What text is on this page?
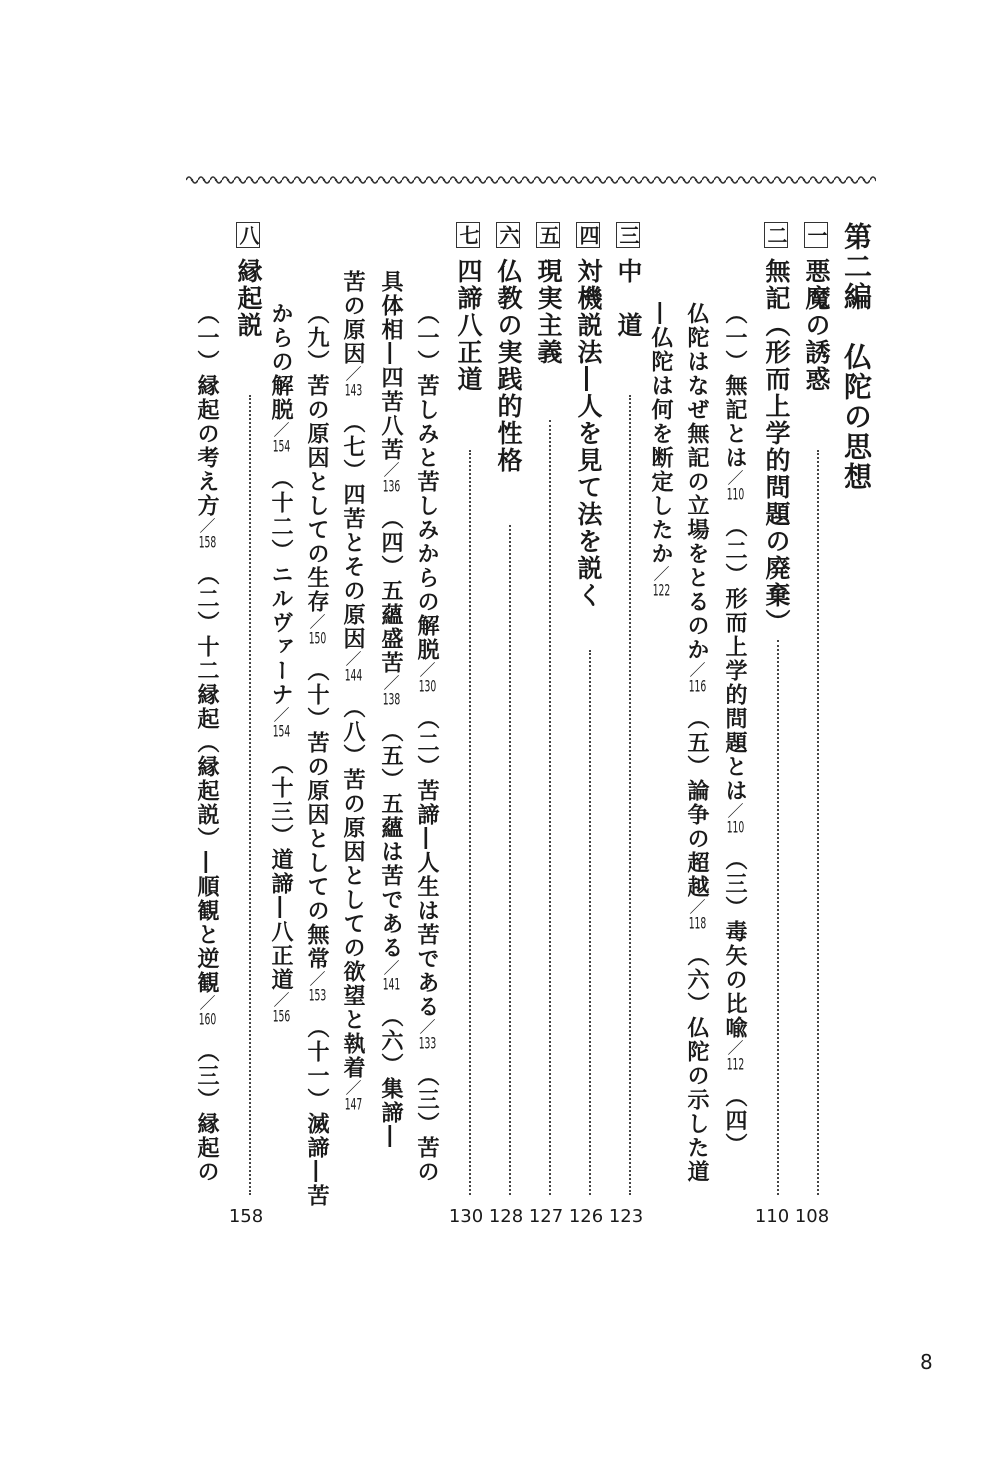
第二編　仏陀の思想
一悪魔の誘惑
二無記（形而上学的問題の廃棄）
（一）無記とは／110　（二）形而上学的問題とは／110　（三）毒矢の比喩／112　（四）
仏陀はなぜ無記の立場をとるのか／116　（五）論争の超越／118　（六）仏陀の示した道
―仏陀は何を断定したか／122
三中　道
四対機説法―人を見て法を説く
五現実主義
六仏教の実践的性格
七四諦八正道
（一）苦しみと苦しみからの解脱／130　（二）苦諦―人生は苦である／133　（三）苦の
具体相―四苦八苦／136　（四）五蘊盛苦／138　（五）五蘊は苦である／141　（六）集諦―
苦の原因／143　（七）四苦とその原因／144　（八）苦の原因としての欲望と執着／147
（九）苦の原因としての生存／150　（十）苦の原因としての無常／153　（十一）滅諦―苦
からの解脱／154　（十二）ニルヴァーナ／154　（十三）道諦―八正道／156
八縁起説
（一）縁起の考え方／158　（二）十二縁起（縁起説）―順観と逆観／160　（三）縁起の
108
110
123
126
127
128
130
158
8
